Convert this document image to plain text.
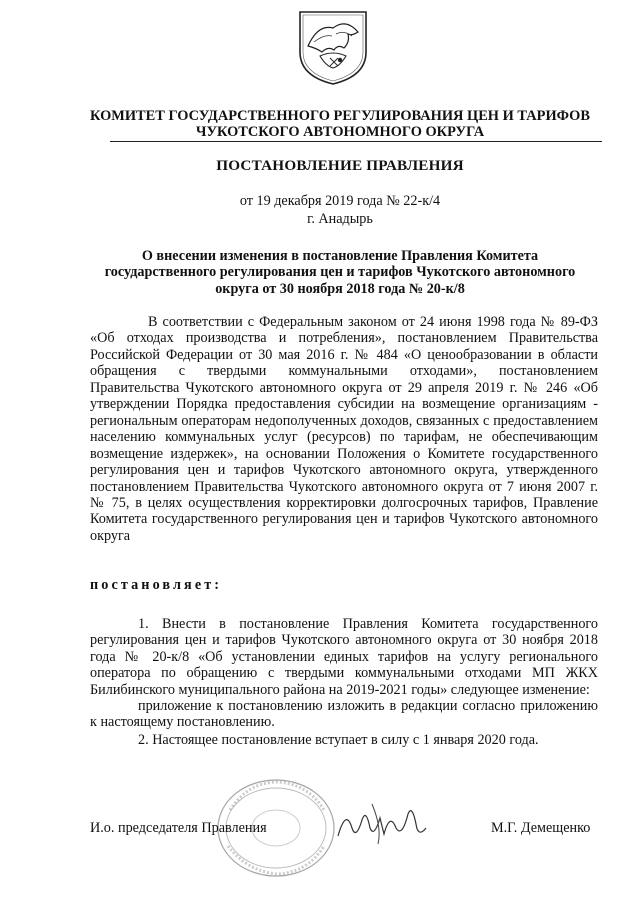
КОМИТЕТ ГОСУДАРСТВЕННОГО РЕГУЛИРОВАНИЯ ЦЕН И ТАРИФОВ
ЧУКОТСКОГО АВТОНОМНОГО ОКРУГА
ПОСТАНОВЛЕНИЕ ПРАВЛЕНИЯ
от 19 декабря 2019 года № 22-к/4
г. Анадырь
О внесении изменения в постановление Правления Комитета
государственного регулирования цен и тарифов Чукотского автономного
округа от 30 ноября 2018 года № 20-к/8

В соответствии с Федеральным законом от 24 июня 1998 года № 89-ФЗ «Об отходах производства и потребления», постановлением Правительства Российской Федерации от 30 мая 2016 г. № 484 «О ценообразовании в области обращения с твердыми коммунальными отходами», постановлением Правительства Чукотского автономного округа от 29 апреля 2019 г. № 246 «Об утверждении Порядка предоставления субсидии на возмещение организациям - региональным операторам недополученных доходов, связанных с предоставлением населению коммунальных услуг (ресурсов) по тарифам, не обеспечивающим возмещение издержек», на основании Положения о Комитете государственного регулирования цен и тарифов Чукотского автономного округа, утвержденного постановлением Правительства Чукотского автономного округа от 7 июня 2007 г. № 75, в целях осуществления корректировки долгосрочных тарифов, Правление Комитета государственного регулирования цен и тарифов Чукотского автономного округа

постановляет:

1. Внести в постановление Правления Комитета государственного регулирования цен и тарифов Чукотского автономного округа от 30 ноября 2018 года № 20-к/8 «Об установлении единых тарифов на услугу регионального оператора по обращению с твердыми коммунальными отходами МП ЖКХ Билибинского муниципального района на 2019-2021 годы» следующее изменение:

приложение к постановлению изложить в редакции согласно приложению к настоящему постановлению.

2. Настоящее постановление вступает в силу с 1 января 2020 года.

И.о. председателя Правления	М.Г. Демещенко
